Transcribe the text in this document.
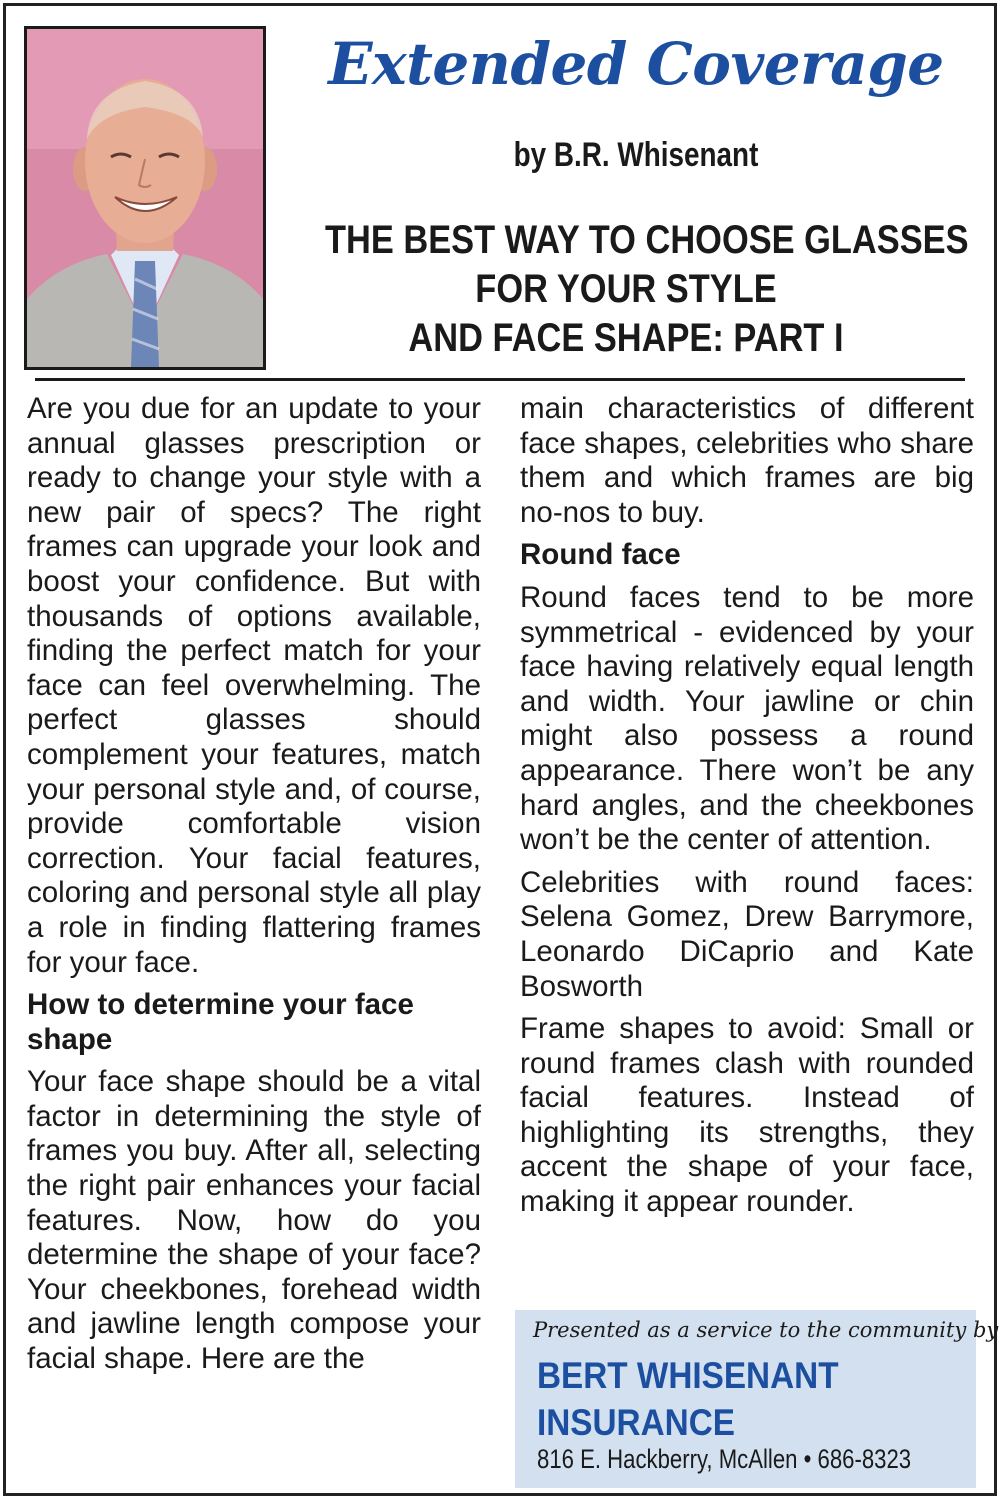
Extended Coverage
by B.R. Whisenant
THE BEST WAY TO CHOOSE GLASSES
FOR YOUR STYLE
AND FACE SHAPE: PART I

Are you due for an update to your annual glasses prescription or ready to change your style with a new pair of specs? The right frames can upgrade your look and boost your confidence. But with thousands of options available, finding the perfect match for your face can feel overwhelming. The perfect glasses should complement your features, match your personal style and, of course, provide comfortable vision correction. Your facial features, coloring and personal style all play a role in finding flattering frames for your face.

How to determine your face shape

Your face shape should be a vital factor in determining the style of frames you buy. After all, selecting the right pair enhances your facial features. Now, how do you determine the shape of your face? Your cheekbones, forehead width and jawline length compose your facial shape. Here are the

main characteristics of different face shapes, celebrities who share them and which frames are big no-nos to buy.

Round face

Round faces tend to be more symmetrical - evidenced by your face having relatively equal length and width. Your jawline or chin might also possess a round appearance. There won’t be any hard angles, and the cheekbones won’t be the center of attention.

Celebrities with round faces: Selena Gomez, Drew Barrymore, Leonardo DiCaprio and Kate Bosworth

Frame shapes to avoid: Small or round frames clash with rounded facial features. Instead of highlighting its strengths, they accent the shape of your face, making it appear rounder.

Presented as a service to the community by
BERT WHISENANT
INSURANCE
816 E. Hackberry, McAllen • 686-8323
